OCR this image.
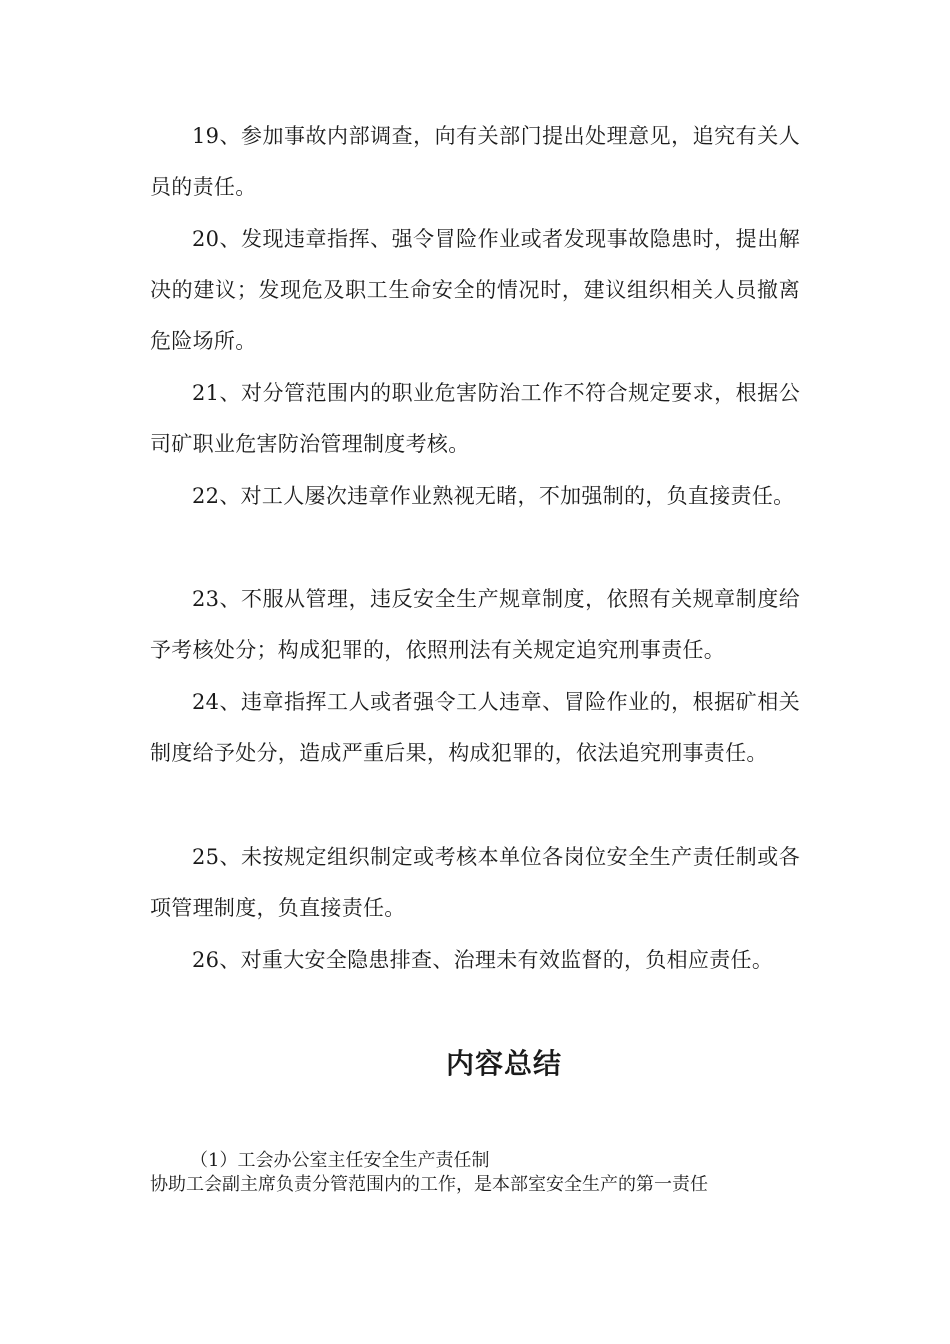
19、参加事故内部调查，向有关部门提出处理意见，追究有关人员的责任。

20、发现违章指挥、强令冒险作业或者发现事故隐患时，提出解决的建议；发现危及职工生命安全的情况时，建议组织相关人员撤离危险场所。

21、对分管范围内的职业危害防治工作不符合规定要求，根据公司矿职业危害防治管理制度考核。

22、对工人屡次违章作业熟视无睹，不加强制的，负直接责任。

23、不服从管理，违反安全生产规章制度，依照有关规章制度给予考核处分；构成犯罪的，依照刑法有关规定追究刑事责任。

24、违章指挥工人或者强令工人违章、冒险作业的，根据矿相关制度给予处分，造成严重后果，构成犯罪的，依法追究刑事责任。

25、未按规定组织制定或考核本单位各岗位安全生产责任制或各项管理制度，负直接责任。

26、对重大安全隐患排查、治理未有效监督的，负相应责任。

内容总结

（1）工会办公室主任安全生产责任制

协助工会副主席负责分管范围内的工作，是本部室安全生产的第一责任
